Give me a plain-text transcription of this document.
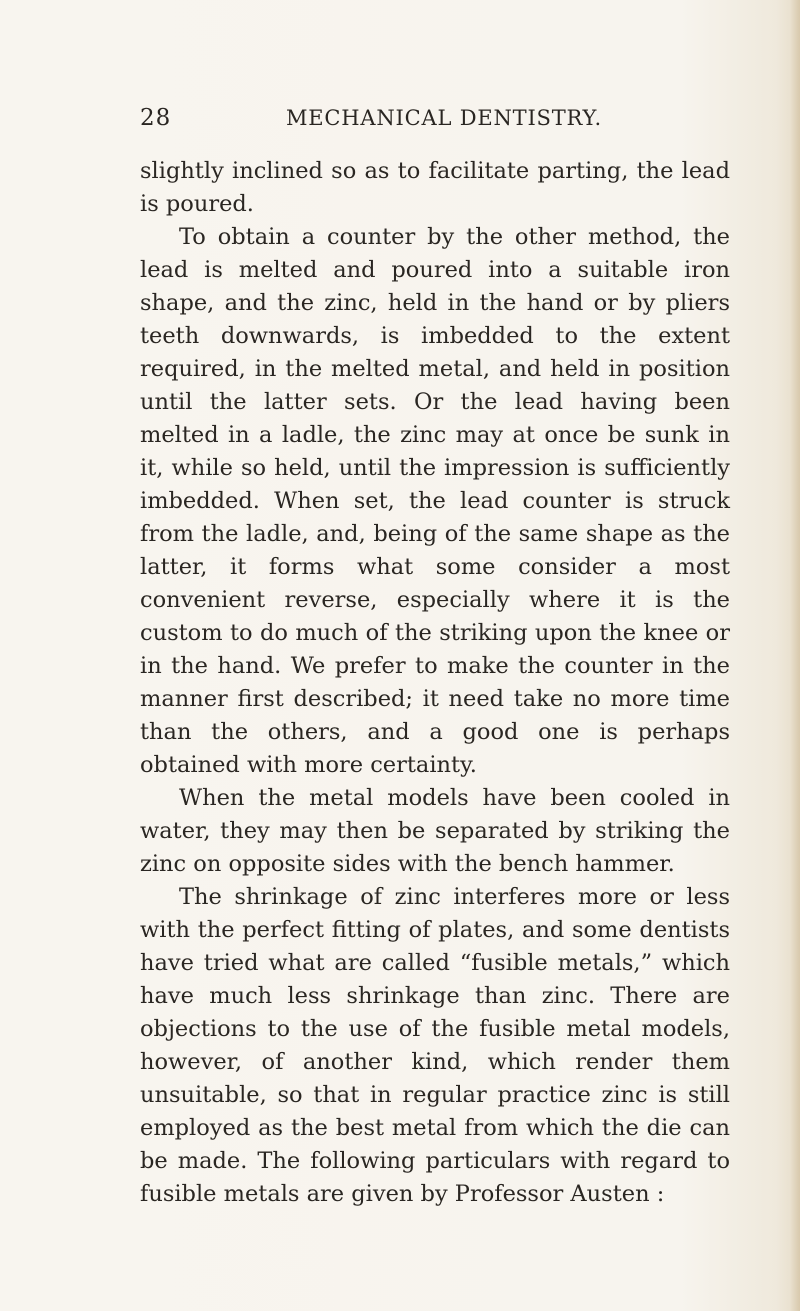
28	MECHANICAL DENTISTRY.

slightly inclined so as to facilitate parting, the lead is poured.

To obtain a counter by the other method, the lead is melted and poured into a suitable iron shape, and the zinc, held in the hand or by pliers teeth downwards, is imbedded to the extent required, in the melted metal, and held in position until the latter sets. Or the lead having been melted in a ladle, the zinc may at once be sunk in it, while so held, until the impression is sufficiently imbedded. When set, the lead counter is struck from the ladle, and, being of the same shape as the latter, it forms what some consider a most convenient reverse, especially where it is the custom to do much of the striking upon the knee or in the hand. We prefer to make the counter in the manner first described; it need take no more time than the others, and a good one is perhaps obtained with more certainty.

When the metal models have been cooled in water, they may then be separated by striking the zinc on opposite sides with the bench hammer.

The shrinkage of zinc interferes more or less with the perfect fitting of plates, and some dentists have tried what are called “fusible metals,” which have much less shrinkage than zinc. There are objections to the use of the fusible metal models, however, of another kind, which render them unsuitable, so that in regular practice zinc is still employed as the best metal from which the die can be made. The following particulars with regard to fusible metals are given by Professor Austen :
